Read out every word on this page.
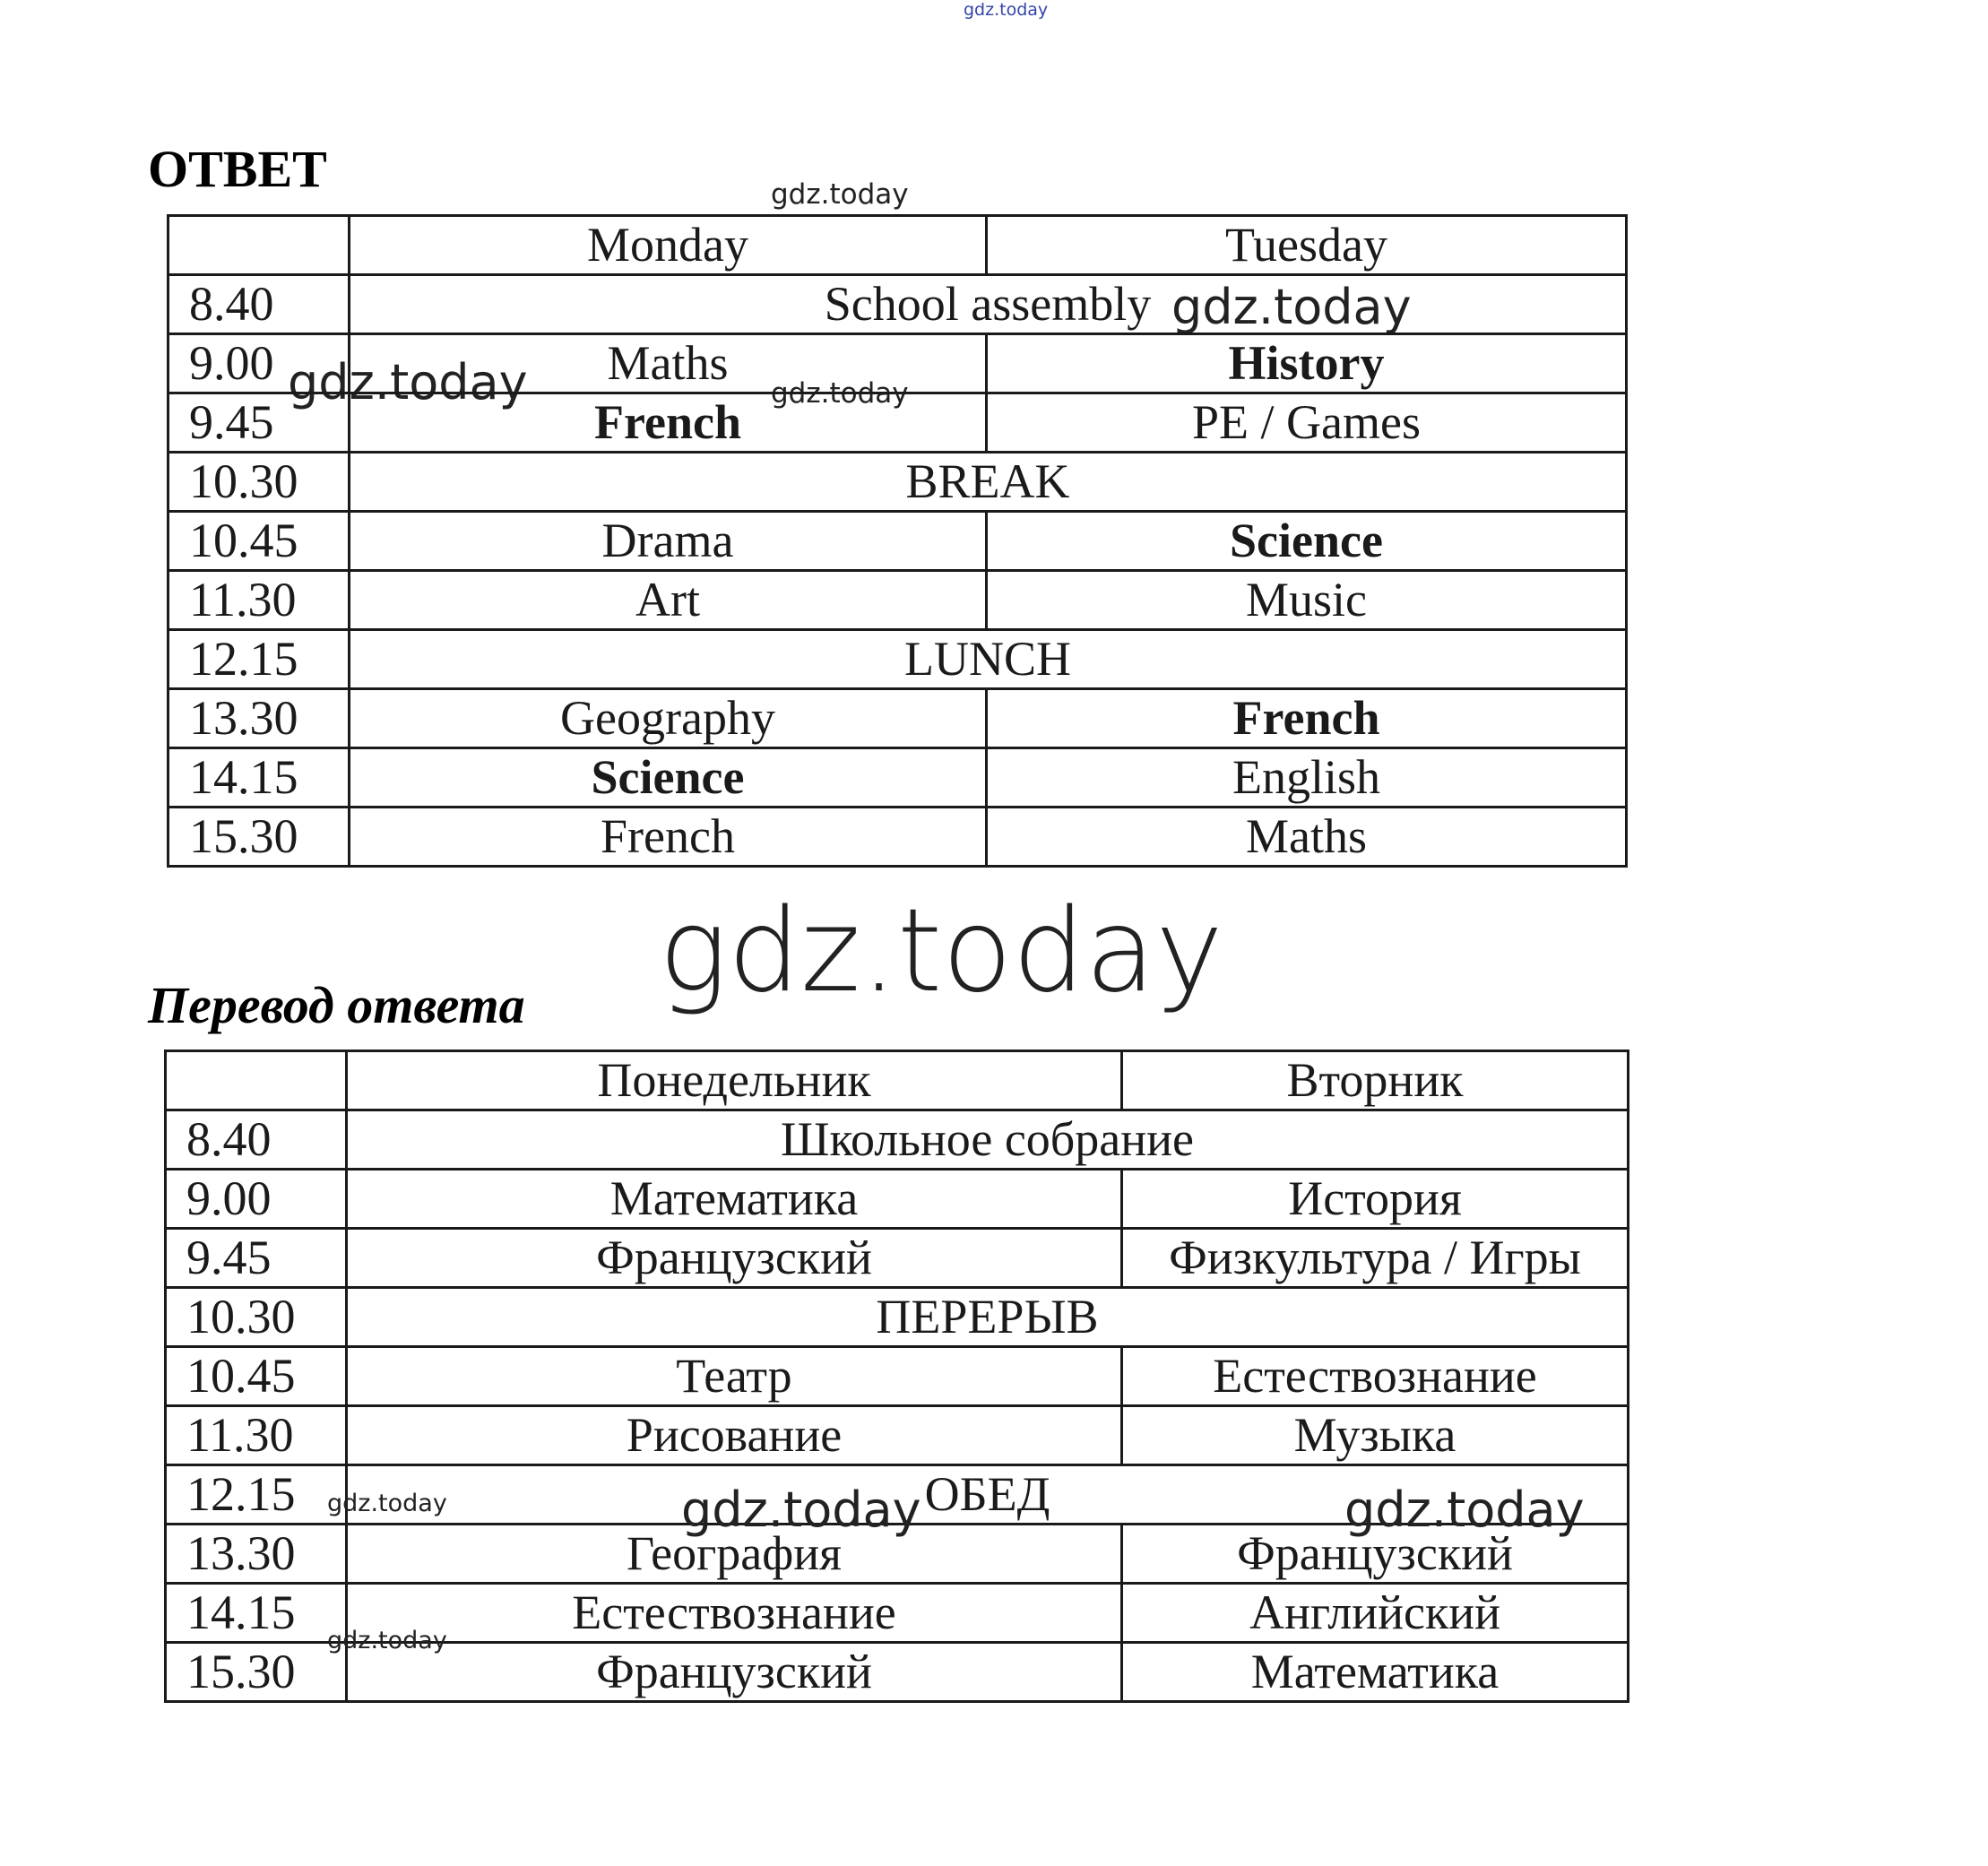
gdz.today
gdz.today
gdz.today
gdz.today	gdz.today
ОТВЕТ
	Monday	Tuesday
8.40	School assembly	
9.00	Maths	History
9.45	French	PE / Games
10.30	BREAK	
10.45	Drama	Science
11.30	Art	Music
12.15	LUNCH	
13.30	Geography	French
14.15	Science	English
15.30	French	Maths
gdz.today
Перевод ответа
	Понедельник	Вторник
8.40	Школьное собрание	
9.00	Математика	История
9.45	Французский	Физкультура / Игры
10.30	ПЕРЕРЫВ	
10.45	Театр	Естествознание
11.30	Рисование	Музыка
12.15	ОБЕД	
13.30	География	Французский
14.15	Естествознание	Английский
15.30	Французский	Математика
gdz.today	gdz.today	gdz.today
gdz.today
